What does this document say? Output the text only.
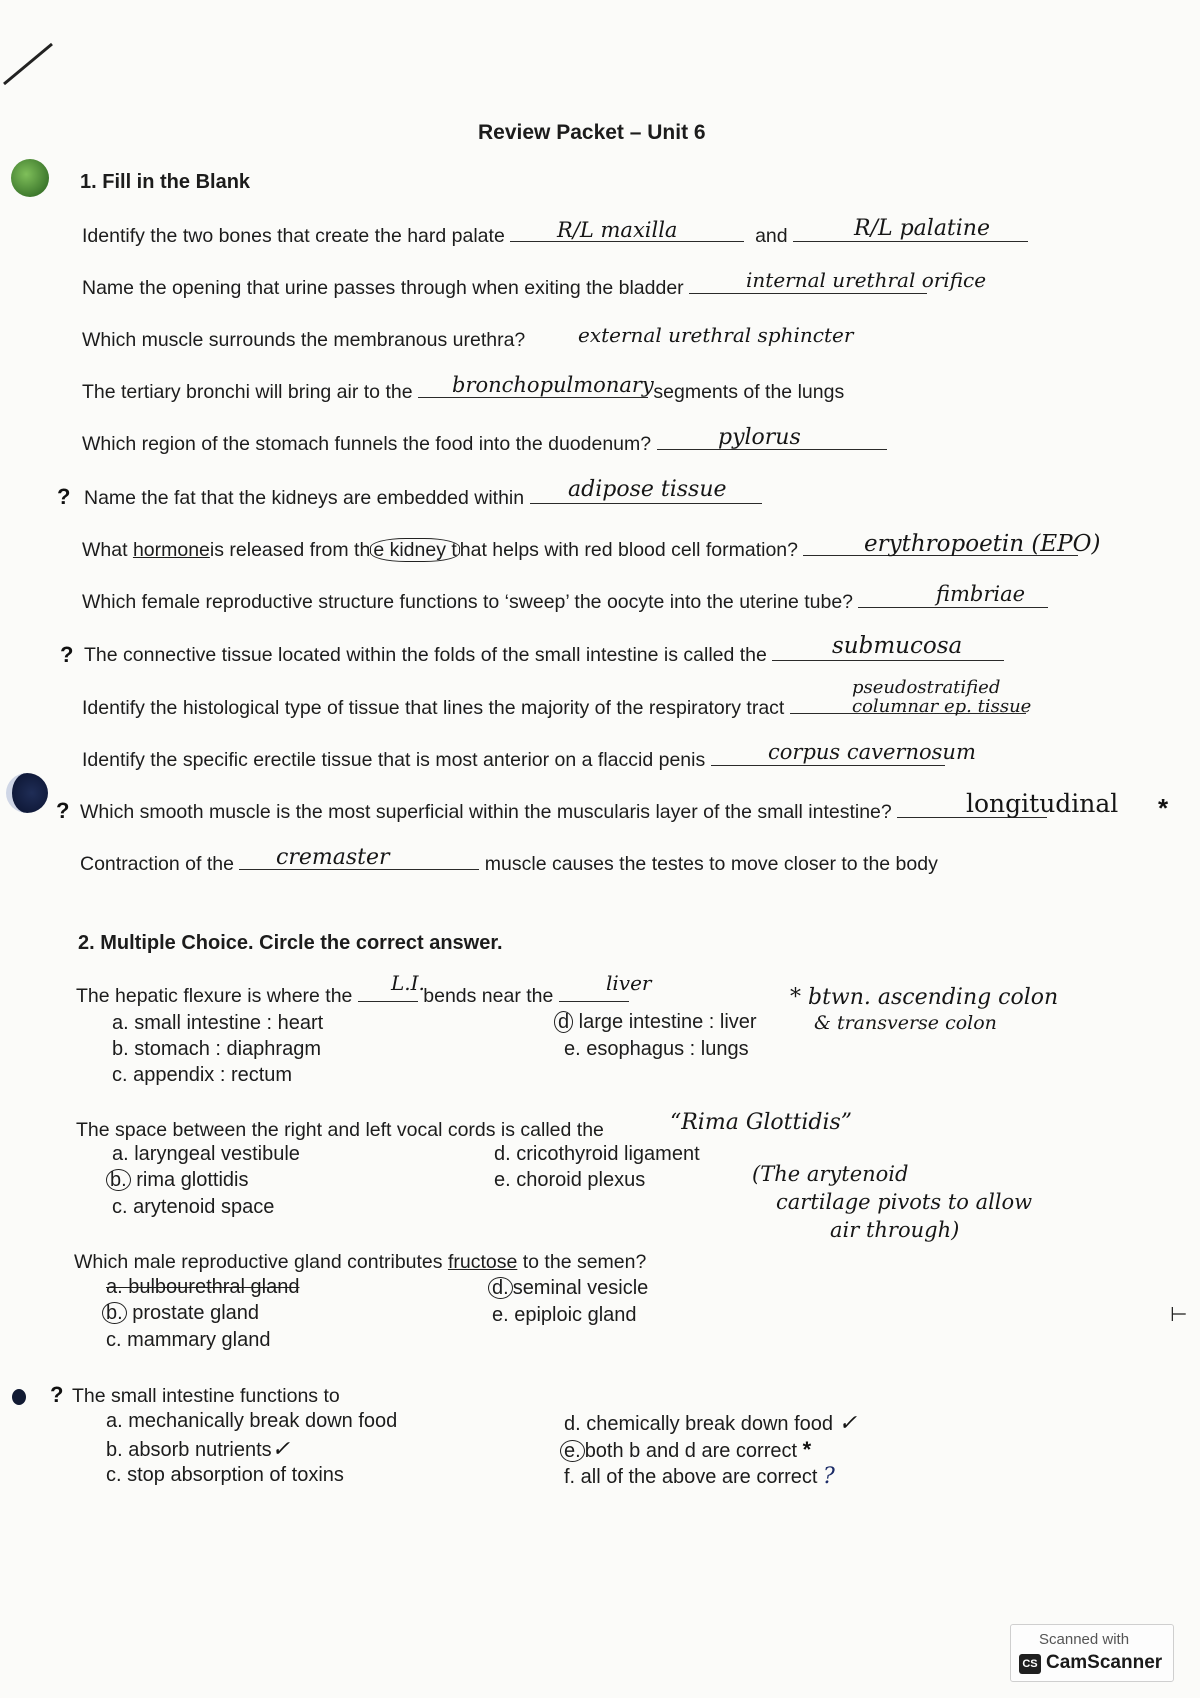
Review Packet – Unit 6
1. Fill in the Blank
Identify the two bones that create the hard palate	and
R/L maxilla	R/L palatine
Name the opening that urine passes through when exiting the bladder	internal urethral orifice
Which muscle surrounds the membranous urethra?	external urethral sphincter
The tertiary bronchi will bring air to the	segments of the lungs
bronchopulmonary
Which region of the stomach funnels the food into the duodenum?	pylorus
? Name the fat that the kidneys are embedded within	adipose tissue
What hormoneis released from th e kidney t hat helps with red blood cell formation?	erythropoetin (EPO)
Which female reproductive structure functions to ‘sweep’ the oocyte into the uterine tube?	fimbriae
? The connective tissue located within the folds of the small intestine is called the	submucosa
Identify the histological type of tissue that lines the majority of the respiratory tract
pseudostratified
columnar ep. tissue
Identify the specific erectile tissue that is most anterior on a flaccid penis	corpus cavernosum
? Which smooth muscle is the most superficial within the muscularis layer of the small intestine?	longitudinal *
Contraction of the	muscle causes the testes to move closer to the body
cremaster
2. Multiple Choice. Circle the correct answer.
The hepatic flexure is where the	bends near the
L.I.	liver
a. small intestine : heart
b. stomach : diaphragm
c. appendix : rectum
d large intestine : liver
e. esophagus : lungs
* btwn. ascending colon
& transverse colon
The space between the right and left vocal cords is called the	“Rima Glottidis”
a. laryngeal vestibule
b. rima glottidis
c. arytenoid space
d. cricothyroid ligament
e. choroid plexus	(The arytenoid
cartilage pivots to allow
air through)
Which male reproductive gland contributes fructose to the semen?
a. bulbourethral gland
b. prostate gland
c. mammary gland
d. seminal vesicle
e. epiploic gland
? The small intestine functions to
a. mechanically break down food
b. absorb nutrients✓
c. stop absorption of toxins
d. chemically break down food ✓
e. both b and d are correct *
f. all of the above are correct ?
⊢
Scanned with
CS CamScanner
